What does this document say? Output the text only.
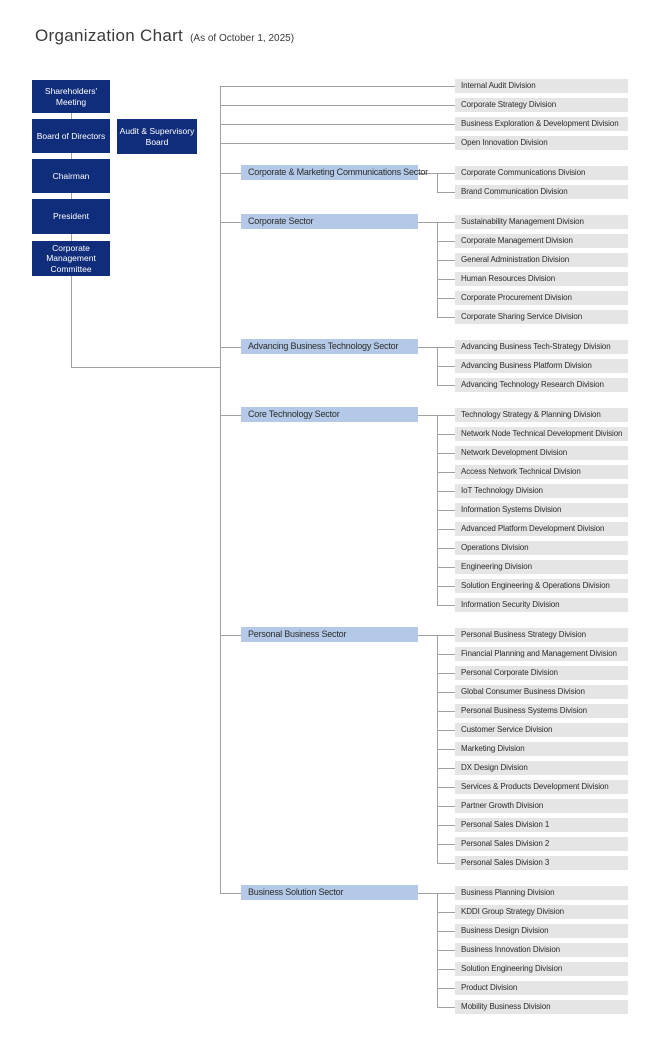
Organization Chart (As of October 1, 2025)
Shareholders' Meeting
Board of Directors
Chairman
President
Corporate Management Committee
Audit & Supervisory Board
Internal Audit Division
Corporate Strategy Division
Business Exploration & Development Division
Open Innovation Division
Corporate & Marketing Communications Sector	Corporate Communications Division
Brand Communication Division
Corporate Sector	Sustainability Management Division
Corporate Management Division
General Administration Division
Human Resources Division
Corporate Procurement Division
Corporate Sharing Service Division
Advancing Business Technology Sector	Advancing Business Tech-Strategy Division
Advancing Business Platform Division
Advancing Technology Research Division
Core Technology Sector	Technology Strategy & Planning Division
Network Node Technical Development Division
Network Development Division
Access Network Technical Division
IoT Technology Division
Information Systems Division
Advanced Platform Development Division
Operations Division
Engineering Division
Solution Engineering & Operations Division
Information Security Division
Personal Business Sector	Personal Business Strategy Division
Financial Planning and Management Division
Personal Corporate Division
Global Consumer Business Division
Personal Business Systems Division
Customer Service Division
Marketing Division
DX Design Division
Services & Products Development Division
Partner Growth Division
Personal Sales Division 1
Personal Sales Division 2
Personal Sales Division 3
Business Solution Sector	Business Planning Division
KDDI Group Strategy Division
Business Design Division
Business Innovation Division
Solution Engineering Division
Product Division
Mobility Business Division
